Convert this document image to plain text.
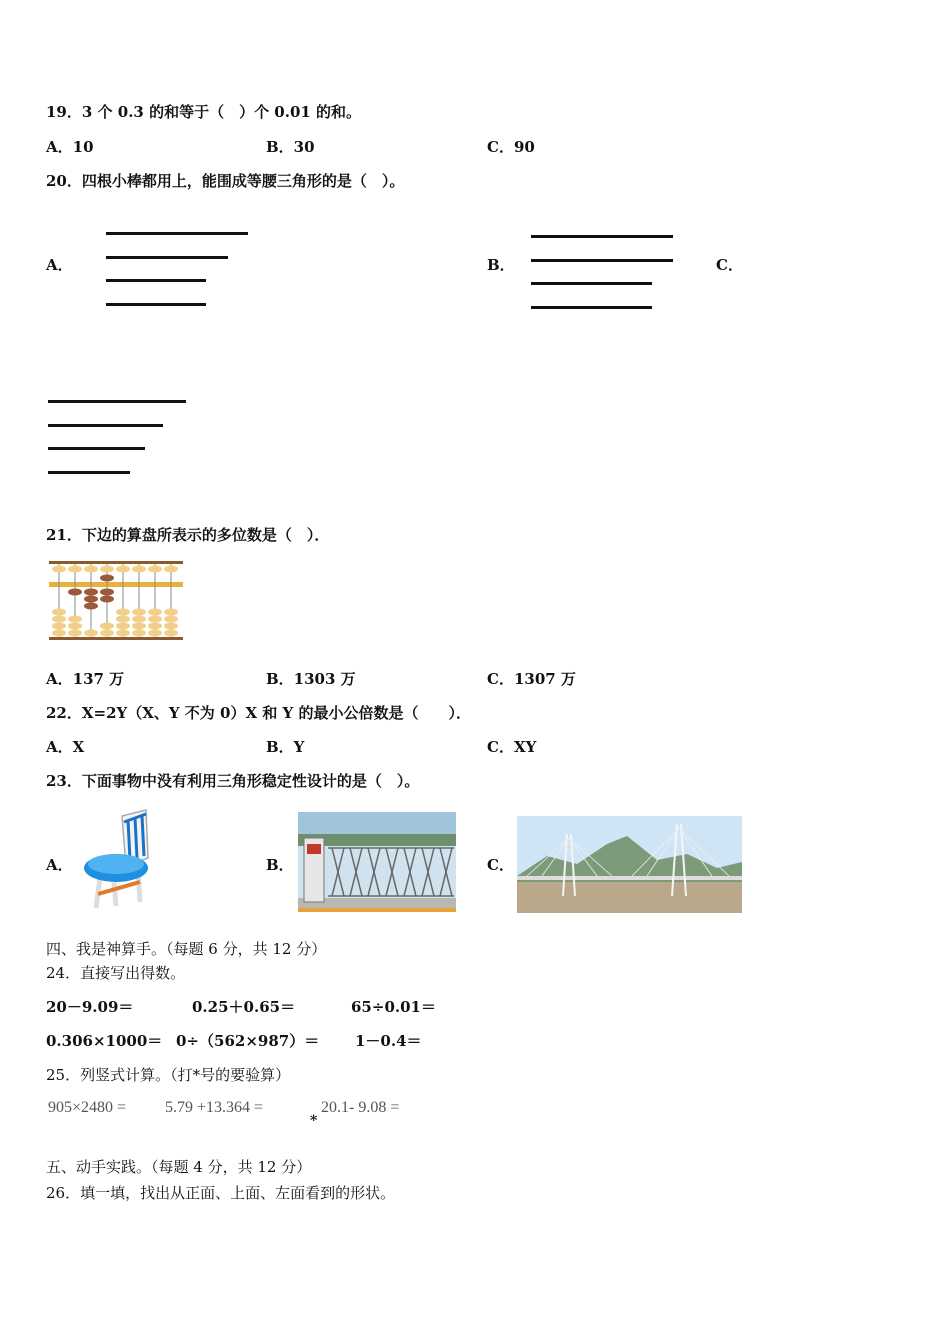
19．3 个 0.3 的和等于（　）个 0.01 的和。
A．10	B．30	C．90
20．四根小棒都用上，能围成等腰三角形的是（　）。
A．	B．	C．
21．下边的算盘所表示的多位数是（　）．
A．137 万	B．1303 万	C．1307 万
22．X=2Y（X、Y 不为 0）X 和 Y 的最小公倍数是（　　）．
A．X	B．Y	C．XY
23．下面事物中没有利用三角形稳定性设计的是（　）。
A．	B．	C．
四、我是神算手。（每题 6 分，共 12 分）
24．直接写出得数。
20－9.09＝	0.25＋0.65＝	65÷0.01＝
0.306×1000＝ 0÷（562×987）＝ 1－0.4＝
25．列竖式计算。（打*号的要验算）
905×2480 = 5.79 +13.364 =
*
20.1- 9.08 =
五、动手实践。（每题 4 分，共 12 分）
26．填一填，找出从正面、上面、左面看到的形状。
